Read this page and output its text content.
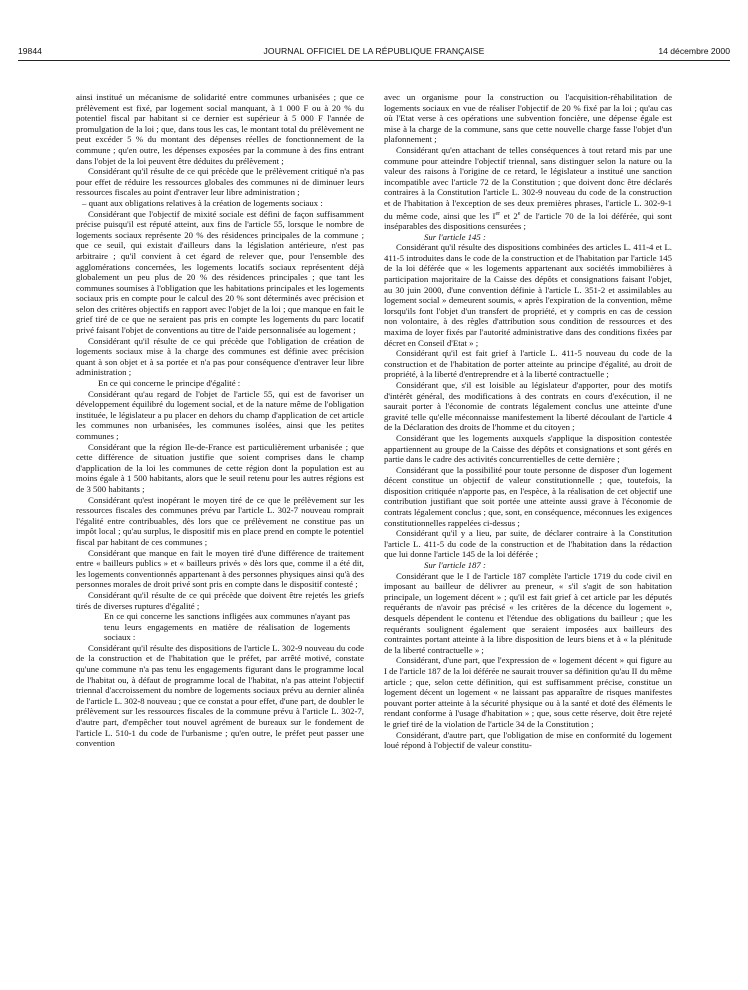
19844	JOURNAL OFFICIEL DE LA RÉPUBLIQUE FRANÇAISE	14 décembre 2000

ainsi institué un mécanisme de solidarité entre communes urbanisées ; que ce prélèvement est fixé, par logement social manquant, à 1 000 F ou à 20 % du potentiel fiscal par habitant si ce dernier est supérieur à 5 000 F l'année de promulgation de la loi ; que, dans tous les cas, le montant total du prélèvement ne peut excéder 5 % du montant des dépenses réelles de fonctionnement de la commune ; qu'en outre, les dépenses exposées par la commune à des fins entrant dans l'objet de la loi peuvent être déduites du prélèvement ;

Considérant qu'il résulte de ce qui précède que le prélèvement critiqué n'a pas pour effet de réduire les ressources globales des communes ni de diminuer leurs ressources fiscales au point d'entraver leur libre administration ;

– quant aux obligations relatives à la création de logements sociaux :

Considérant que l'objectif de mixité sociale est défini de façon suffisamment précise puisqu'il est réputé atteint, aux fins de l'article 55, lorsque le nombre de logements sociaux représente 20 % des résidences principales de la commune ; que ce seuil, qui existait d'ailleurs dans la législation antérieure, n'est pas arbitraire ; qu'il convient à cet égard de relever que, pour l'ensemble des agglomérations concernées, les logements locatifs sociaux représentent déjà globalement un peu plus de 20 % des résidences principales ; que tant les communes soumises à l'obligation que les habitations principales et les logements sociaux pris en compte pour le calcul des 20 % sont déterminés avec précision et selon des critères objectifs en rapport avec l'objet de la loi ; que manque en fait le grief tiré de ce que ne seraient pas pris en compte les logements du parc locatif privé faisant l'objet de conventions au titre de l'aide personnalisée au logement ;

Considérant qu'il résulte de ce qui précède que l'obligation de création de logements sociaux mise à la charge des communes est définie avec précision quant à son objet et à sa portée et n'a pas pour conséquence d'entraver leur libre administration ;

En ce qui concerne le principe d'égalité :

Considérant qu'au regard de l'objet de l'article 55, qui est de favoriser un développement équilibré du logement social, et de la nature même de l'obligation instituée, le législateur a pu placer en dehors du champ d'application de cet article les communes non urbanisées, les communes isolées, ainsi que les petites communes ;

Considérant que la région Ile-de-France est particulièrement urbanisée ; que cette différence de situation justifie que soient comprises dans le champ d'application de la loi les communes de cette région dont la population est au moins égale à 1 500 habitants, alors que le seuil retenu pour les autres régions est de 3 500 habitants ;

Considérant qu'est inopérant le moyen tiré de ce que le prélèvement sur les ressources fiscales des communes prévu par l'article L. 302-7 nouveau romprait l'égalité entre contribuables, dès lors que ce prélèvement ne constitue pas un impôt local ; qu'au surplus, le dispositif mis en place prend en compte le potentiel fiscal par habitant de ces communes ;

Considérant que manque en fait le moyen tiré d'une différence de traitement entre « bailleurs publics » et « bailleurs privés » dès lors que, comme il a été dit, les logements conventionnés appartenant à des personnes physiques ainsi qu'à des personnes morales de droit privé sont pris en compte dans le dispositif contesté ;

Considérant qu'il résulte de ce qui précède que doivent être rejetés les griefs tirés de diverses ruptures d'égalité ;

En ce qui concerne les sanctions infligées aux communes n'ayant pas tenu leurs engagements en matière de réalisation de logements sociaux :

Considérant qu'il résulte des dispositions de l'article L. 302-9 nouveau du code de la construction et de l'habitation que le préfet, par arrêté motivé, constate qu'une commune n'a pas tenu les engagements figurant dans le programme local de l'habitat ou, à défaut de programme local de l'habitat, n'a pas atteint l'objectif triennal d'accroissement du nombre de logements sociaux prévu au dernier alinéa de l'article L. 302-8 nouveau ; que ce constat a pour effet, d'une part, de doubler le prélèvement sur les ressources fiscales de la commune prévu à l'article L. 302-7, d'autre part, d'empêcher tout nouvel agrément de bureaux sur le fondement de l'article L. 510-1 du code de l'urbanisme ; qu'en outre, le préfet peut passer une convention

avec un organisme pour la construction ou l'acquisition-réhabilitation de logements sociaux en vue de réaliser l'objectif de 20 % fixé par la loi ; qu'au cas où l'Etat verse à ces opérations une subvention foncière, une dépense égale est mise à la charge de la commune, sans que cette nouvelle charge fasse l'objet d'un plafonnement ;

Considérant qu'en attachant de telles conséquences à tout retard mis par une commune pour atteindre l'objectif triennal, sans distinguer selon la nature ou la valeur des raisons à l'origine de ce retard, le législateur a institué une sanction incompatible avec l'article 72 de la Constitution ; que doivent donc être déclarés contraires à la Constitution l'article L. 302-9 nouveau du code de la construction et de l'habitation à l'exception de ses deux premières phrases, l'article L. 302-9-1 du même code, ainsi que les Ier et 2e de l'article 70 de la loi déférée, qui sont inséparables des dispositions censurées ;

Sur l'article 145 :

Considérant qu'il résulte des dispositions combinées des articles L. 411-4 et L. 411-5 introduites dans le code de la construction et de l'habitation par l'article 145 de la loi déférée que « les logements appartenant aux sociétés immobilières à participation majoritaire de la Caisse des dépôts et consignations faisant l'objet, au 30 juin 2000, d'une convention définie à l'article L. 351-2 et assimilables au logement social » demeurent soumis, « après l'expiration de la convention, même lorsqu'ils font l'objet d'un transfert de propriété, et y compris en cas de cession non volontaire, à des règles d'attribution sous condition de ressources et des maxima de loyer fixés par l'autorité administrative dans des conditions fixées par décret en Conseil d'Etat » ;

Considérant qu'il est fait grief à l'article L. 411-5 nouveau du code de la construction et de l'habitation de porter atteinte au principe d'égalité, au droit de propriété, à la liberté d'entreprendre et à la liberté contractuelle ;

Considérant que, s'il est loisible au législateur d'apporter, pour des motifs d'intérêt général, des modifications à des contrats en cours d'exécution, il ne saurait porter à l'économie de contrats légalement conclus une atteinte d'une gravité telle qu'elle méconnaisse manifestement la liberté découlant de l'article 4 de la Déclaration des droits de l'homme et du citoyen ;

Considérant que les logements auxquels s'applique la disposition contestée appartiennent au groupe de la Caisse des dépôts et consignations et sont gérés en partie dans le cadre des activités concurrentielles de cette dernière ;

Considérant que la possibilité pour toute personne de disposer d'un logement décent constitue un objectif de valeur constitutionnelle ; que, toutefois, la disposition critiquée n'apporte pas, en l'espèce, à la réalisation de cet objectif une contribution justifiant que soit portée une atteinte aussi grave à l'économie de contrats légalement conclus ; que, sont, en conséquence, méconnues les exigences constitutionnelles rappelées ci-dessus ;

Considérant qu'il y a lieu, par suite, de déclarer contraire à la Constitution l'article L. 411-5 du code de la construction et de l'habitation dans la rédaction que lui donne l'article 145 de la loi déférée ;

Sur l'article 187 :

Considérant que le I de l'article 187 complète l'article 1719 du code civil en imposant au bailleur de délivrer au preneur, « s'il s'agit de son habitation principale, un logement décent » ; qu'il est fait grief à cet article par les députés requérants de n'avoir pas précisé « les critères de la décence du logement », desquels dépendent le contenu et l'étendue des obligations du bailleur ; que les requérants soulignent également que seraient imposées aux bailleurs des contraintes portant atteinte à la libre disposition de leurs biens et à « la plénitude de la liberté contractuelle » ;

Considérant, d'une part, que l'expression de « logement décent » qui figure au I de l'article 187 de la loi déférée ne saurait trouver sa définition qu'au II du même article ; que, selon cette définition, qui est suffisamment précise, constitue un logement décent un logement « ne laissant pas apparaître de risques manifestes pouvant porter atteinte à la sécurité physique ou à la santé et doté des éléments le rendant conforme à l'usage d'habitation » ; que, sous cette réserve, doit être rejeté le grief tiré de la violation de l'article 34 de la Constitution ;

Considérant, d'autre part, que l'obligation de mise en conformité du logement loué répond à l'objectif de valeur constitu-
